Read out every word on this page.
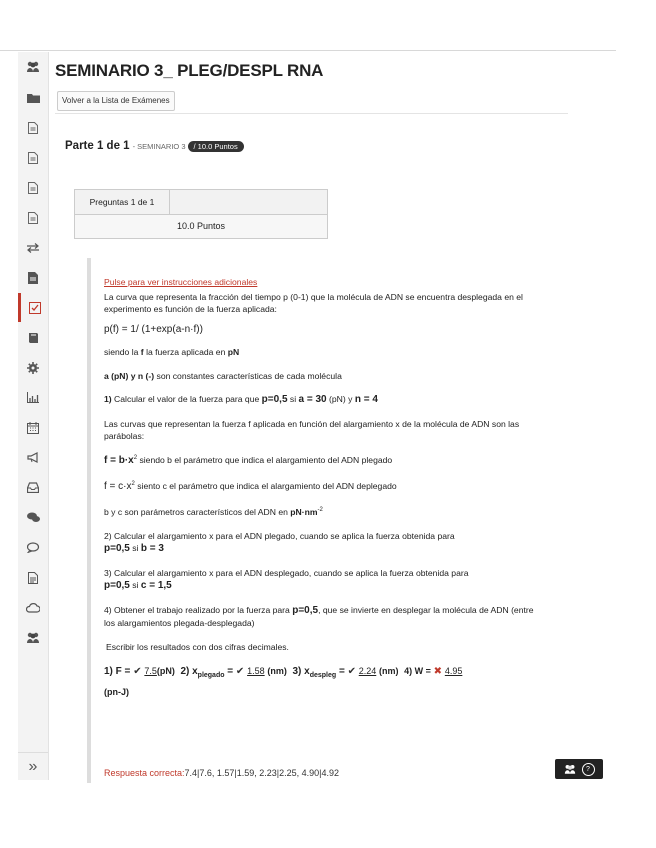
»
SEMINARIO 3_ PLEG/DESPL RNA
Volver a la Lista de Exámenes
Parte 1 de 1 - SEMINARIO 3	/ 10.0 Puntos
Preguntas 1 de 1
10.0 Puntos

Pulse para ver instrucciones adicionales

La curva que representa la fracción del tiempo p (0-1) que la molécula de ADN se encuentra desplegada en el experimento es función de la fuerza aplicada:

p(f) = 1/ (1+exp(a-n·f))

siendo la f la fuerza aplicada en pN

a (pN) y n (-) son constantes características de cada molécula

1) Calcular el valor de la fuerza para que p=0,5 si a = 30 (pN) y n = 4

Las curvas que representan la fuerza f aplicada en función del alargamiento x de la molécula de ADN son las parábolas:

$f = b\cdot x^2$ siendo b el parámetro que indica el alargamiento del ADN plegado

$f = c\cdot x^2$ siento c el parámetro que indica el alargamiento del ADN deplegado

b y c son parámetros característicos del ADN en $pN\cdot nm^{-2}$

2) Calcular el alargamiento x para el ADN plegado, cuando se aplica la fuerza obtenida para
p=0,5 si b = 3

3) Calcular el alargamiento x para el ADN desplegado, cuando se aplica la fuerza obtenida para
p=0,5 si c = 1,5

4) Obtener el trabajo realizado por la fuerza para p=0,5, que se invierte en desplegar la molécula de ADN (entre los alargamientos plegada-desplegada)

Escribir los resultados con dos cifras decimales.

1) F = ✔ 7.5(pN) 2) $x_{plegado}$ = ✔ 1.58 (nm) 3) $x_{despleg}$ = ✔ 2.24 (nm) 4) W = ✖ 4.95
(pn-J)

Respuesta correcta:7.4|7.6, 1.57|1.59, 2.23|2.25, 4.90|4.92	?
